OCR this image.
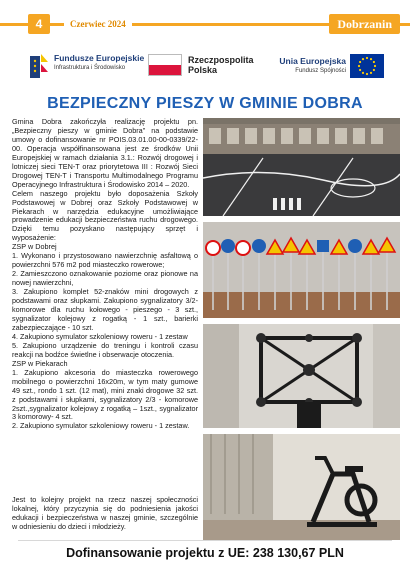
4	Czerwiec 2024	Dobrzanin
Fundusze Europejskie
Infrastruktura i Środowisko
Rzeczpospolita Polska
Unia Europejska
Fundusz Spójności
BEZPIECZNY PIESZY W GMINIE DOBRA

Gmina Dobra zakończyła realizację projektu pn. „Bezpieczny pieszy w gminie Dobra” na podstawie umowy o dofinansowanie nr POIS.03.01.00-00-0339/22-00. Operacja współfinansowana jest ze środków Unii Europejskiej w ramach działania 3.1.: Rozwój drogowej i lotniczej sieci TEN-T oraz priorytetowa III : Rozwój Sieci Drogowej TEN-T i Transportu Multimodalnego Programu Operacyjnego Infrastruktura i Środowisko 2014 – 2020.

Celem naszego projektu było doposażenia Szkoły Podstawowej w Dobrej oraz Szkoły Podstawowej w Piekarach w narzędzia edukacyjne umożliwiające prowadzenie edukacji bezpieczeństwa ruchu drogowego. Dzięki temu pozyskano następujący sprzęt i wyposażenie:

ZSP w Dobrej

1. Wykonano i przystosowano nawierzchnię asfaltową o powierzchni 576 m2 pod miasteczko rowerowe;

2. Zamieszczono oznakowanie poziome oraz pionowe na nowej nawierzchni,

3. Zakupiono komplet 52-znaków mini drogowych z podstawami oraz słupkami. Zakupiono sygnalizatory 3/2-komorowe dla ruchu kołowego - pieszego - 3 szt., sygnalizator kolejowy z rogatką - 1 szt., barierki zabezpieczające - 10 szt.

4. Zakupiono symulator szkoleniowy roweru - 1 zestaw

5. Zakupiono urządzenie do treningu i kontroli czasu reakcji na bodźce świetlne i obserwacje otoczenia.

ZSP w Piekarach

1. Zakupiono akcesoria do miasteczka rowerowego mobilnego o powierzchni 16x20m, w tym maty gumowe 49 szt., rondo 1 szt. (12 mat), mini znaki drogowe 32 szt. z podstawami i słupkami, sygnalizatory 2/3 - komorowe 2szt.,sygnalizator kolejowy z rogatką – 1szt., sygnalizator 3 komorowy- 4 szt.

2. Zakupiono symulator szkoleniowy roweru - 1 zestaw.

Jest to kolejny projekt na rzecz naszej społeczności lokalnej, który przyczynia się do podniesienia jakości edukacji i bezpieczeństwa w naszej gminie, szczególnie w odniesieniu do dzieci i młodzieży.
Dofinansowanie projektu z UE: 238 130,67 PLN
